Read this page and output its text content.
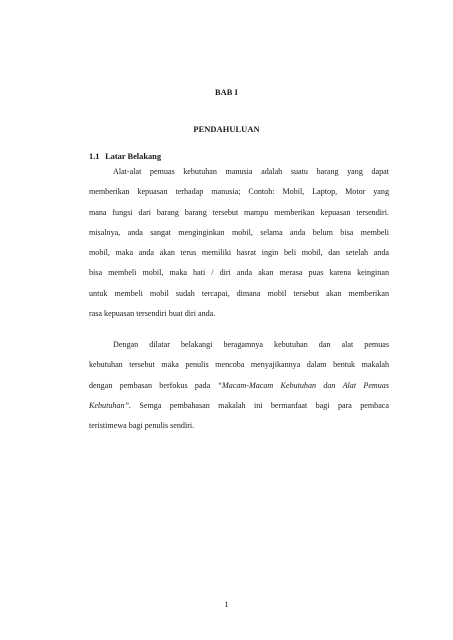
BAB I
PENDAHULUAN
1.1 Latar Belakang
Alat-alat pemuas kebutuhan manusia adalah suatu barang yang dapat
memberikan kepuasan terhadap manusia; Contoh: Mobil, Laptop, Motor yang
mana fungsi dari barang barang tersebut mampu memberikan kepuasan tersendiri.
misalnya, anda sangat menginginkan mobil, selama anda belum bisa membeli
mobil, maka anda akan terus memiliki hasrat ingin beli mobil, dan setelah anda
bisa membeli mobil, maka hati / diri anda akan merasa puas karena keinginan
untuk membeli mobil sudah tercapai, dimana mobil tersebut akan memberikan
rasa kepuasan tersendiri buat diri anda.
Dengan dilatar belakangi beragamnya kebutuhan dan alat pemuas
kebutuhan tersebut maka penulis mencoba menyajikannya dalam bentuk makalah
dengan pembasan berfokus pada “Macam-Macam Kebutuhan dan Alat Pemuas
Kebutuhan”. Semga pembahasan makalah ini bermanfaat bagi para pembaca
teristimewa bagi penulis sendiri.
1
